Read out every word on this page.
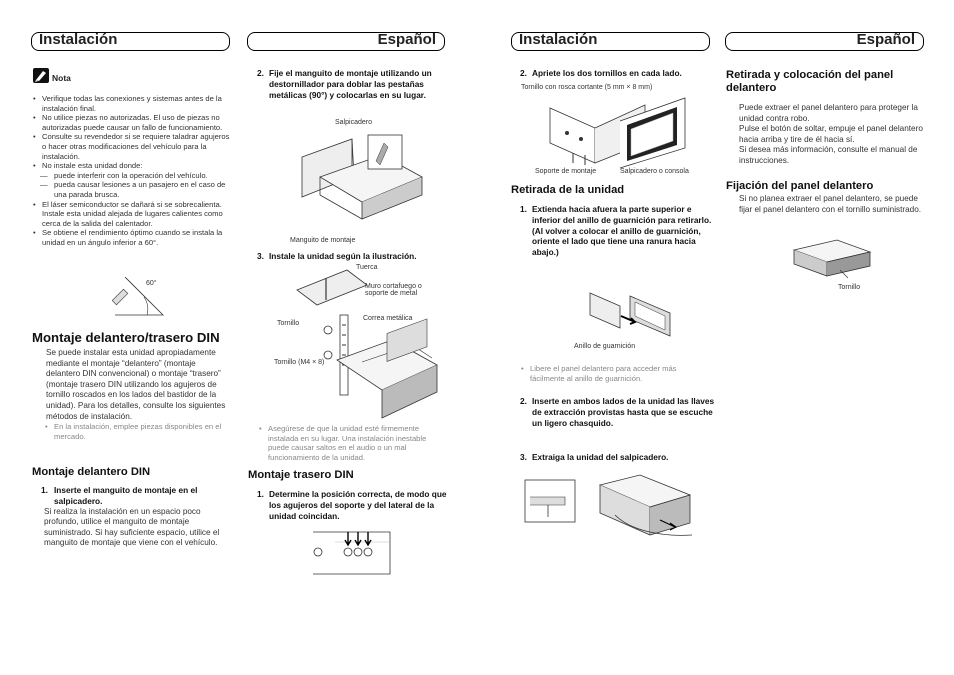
Instalación	Español	Instalación	Español
Nota
• Verifique todas las conexiones y sistemas antes de la instalación final.
• No utilice piezas no autorizadas. El uso de piezas no autorizadas puede causar un fallo de funcionamiento.
• Consulte su revendedor si se requiere taladrar agujeros o hacer otras modificaciones del vehículo para la instalación.
• No instale esta unidad donde:
— puede interferir con la operación del vehículo.
— pueda causar lesiones a un pasajero en el caso de una parada brusca.
• El láser semiconductor se dañará si se sobrecalienta. Instale esta unidad alejada de lugares calientes como cerca de la salida del calentador.
• Se obtiene el rendimiento óptimo cuando se instala la unidad en un ángulo inferior a 60°.
60°
Montaje delantero/trasero DIN
Se puede instalar esta unidad apropiadamente mediante el montaje “delantero” (montaje delantero DIN convencional) o montaje “trasero” (montaje trasero DIN utilizando los agujeros de tornillo roscados en los lados del bastidor de la unidad). Para los detalles, consulte los siguientes métodos de instalación.
• En la instalación, emplee piezas disponibles en el mercado.
Montaje delantero DIN
1. Inserte el manguito de montaje en el salpicadero.
Si realiza la instalación en un espacio poco profundo, utilice el manguito de montaje suministrado. Si hay suficiente espacio, utilice el manguito de montaje que viene con el vehículo.
2. Fije el manguito de montaje utilizando un destornillador para doblar las pestañas metálicas (90°) y colocarlas en su lugar.
Salpicadero
Manguito de montaje
3. Instale la unidad según la ilustración.
Tuerca
Muro cortafuego o soporte de metal
Correa metálica
Tornillo
Tornillo (M4 × 8)
• Asegúrese de que la unidad esté firmemente instalada en su lugar. Una instalación inestable puede causar saltos en el audio o un mal funcionamiento de la unidad.
Montaje trasero DIN
1. Determine la posición correcta, de modo que los agujeros del soporte y del lateral de la unidad coincidan.
2. Apriete los dos tornillos en cada lado.
Tornillo con rosca cortante (5 mm × 8 mm)
Soporte de montaje	Salpicadero o consola
Retirada de la unidad
1. Extienda hacia afuera la parte superior e inferior del anillo de guarnición para retirarlo. (Al volver a colocar el anillo de guarnición, oriente el lado que tiene una ranura hacia abajo.)
Anillo de guarnición
• Libere el panel delantero para acceder más fácilmente al anillo de guarnición.
2. Inserte en ambos lados de la unidad las llaves de extracción provistas hasta que se escuche un ligero chasquido.
3. Extraiga la unidad del salpicadero.
Retirada y colocación del panel delantero
Puede extraer el panel delantero para proteger la unidad contra robo.
Pulse el botón de soltar, empuje el panel delantero hacia arriba y tire de él hacia sí.
Si desea más información, consulte el manual de instrucciones.
Fijación del panel delantero
Si no planea extraer el panel delantero, se puede fijar el panel delantero con el tornillo suministrado.
Tornillo
